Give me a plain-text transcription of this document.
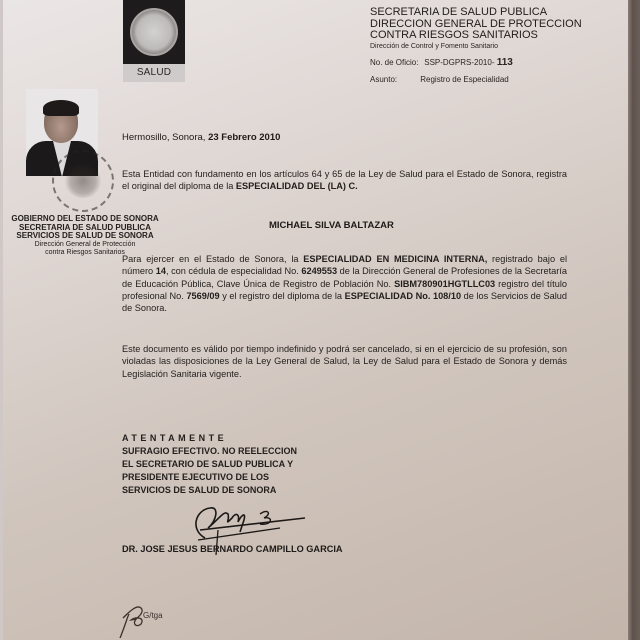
SALUD
SECRETARIA DE SALUD PUBLICA
DIRECCION GENERAL DE PROTECCION
CONTRA RIESGOS SANITARIOS
Dirección de Control y Fomento Sanitario
No. de Oficio: SSP-DGPRS-2010- 113
Asunto:	Registro de Especialidad
GOBIERNO DEL ESTADO DE SONORA
SECRETARIA DE SALUD PUBLICA
SERVICIOS DE SALUD DE SONORA
Dirección General de Protección
contra Riesgos Sanitarios
Hermosillo, Sonora, 23 Febrero 2010
Esta Entidad con fundamento en los artículos 64 y 65 de la Ley de Salud para el Estado de Sonora, registra el original del diploma de la ESPECIALIDAD DEL (LA) C.
MICHAEL SILVA BALTAZAR
Para ejercer en el Estado de Sonora, la ESPECIALIDAD EN MEDICINA INTERNA, registrado bajo el número 14, con cédula de especialidad No. 6249553 de la Dirección General de Profesiones de la Secretaría de Educación Pública, Clave Única de Registro de Población No. SIBM780901HGTLLC03 registro del título profesional No. 7569/09 y el registro del diploma de la ESPECIALIDAD No. 108/10 de los Servicios de Salud de Sonora.
Este documento es válido por tiempo indefinido y podrá ser cancelado, si en el ejercicio de su profesión, son violadas las disposiciones de la Ley General de Salud, la Ley de Salud para el Estado de Sonora y demás Legislación Sanitaria vigente.
ATENTAMENTE
SUFRAGIO EFECTIVO. NO REELECCION
EL SECRETARIO DE SALUD PUBLICA Y
PRESIDENTE EJECUTIVO DE LOS
SERVICIOS DE SALUD DE SONORA
DR. JOSE JESUS BERNARDO CAMPILLO GARCIA
G/tga
